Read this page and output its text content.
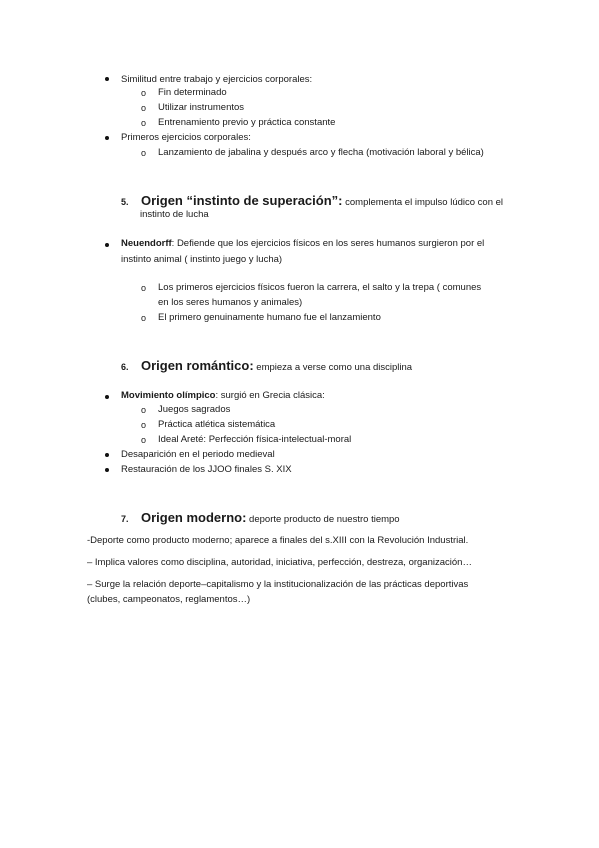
Similitud entre trabajo y ejercicios corporales:
o Fin determinado
o Utilizar instrumentos
o Entrenamiento previo y práctica constante
Primeros ejercicios corporales:
o Lanzamiento de jabalina y después arco y flecha (motivación laboral y bélica)
5. Origen “instinto de superación”: complementa el impulso lúdico con el
instinto de lucha
Neuendorff: Defiende que los ejercicios físicos en los seres humanos surgieron por el
instinto animal ( instinto juego y lucha)
o Los primeros ejercicios físicos fueron la carrera, el salto y la trepa ( comunes
en los seres humanos y animales)
o El primero genuinamente humano fue el lanzamiento
6. Origen romántico: empieza a verse como una disciplina
Movimiento olímpico: surgió en Grecia clásica:
o Juegos sagrados
o Práctica atlética sistemática
o Ideal Areté: Perfección física-intelectual-moral
Desaparición en el periodo medieval
Restauración de los JJOO finales S. XIX
7. Origen moderno: deporte producto de nuestro tiempo
-Deporte como producto moderno; aparece a finales del s.XIII con la Revolución Industrial.
– Implica valores como disciplina, autoridad, iniciativa, perfección, destreza, organización…
– Surge la relación deporte–capitalismo y la institucionalización de las prácticas deportivas
(clubes, campeonatos, reglamentos…)
